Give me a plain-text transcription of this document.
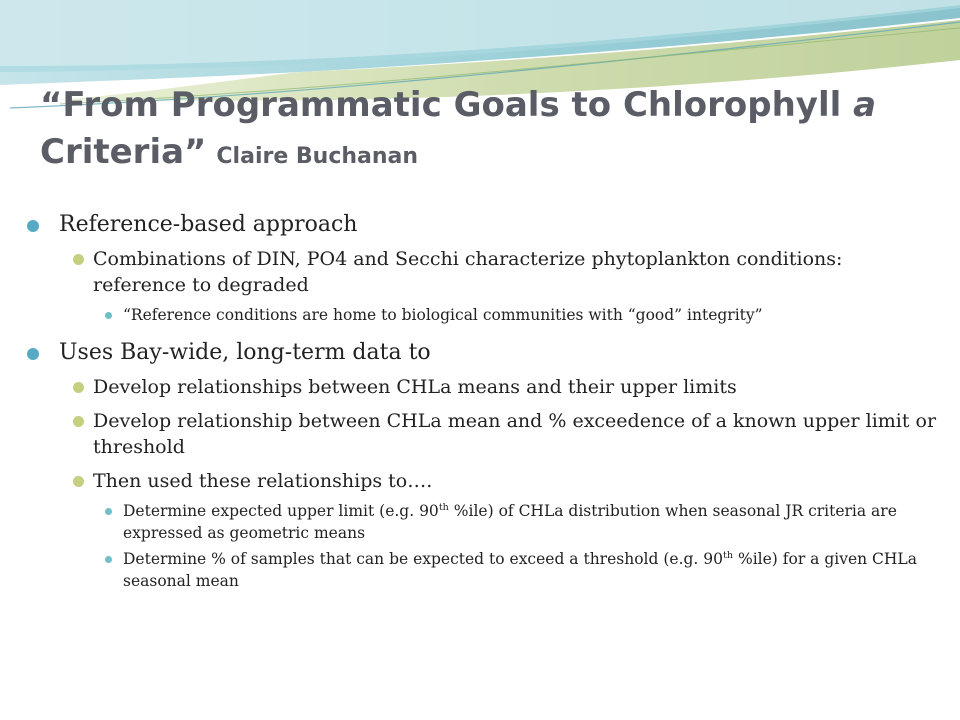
“From Programmatic Goals to Chlorophyll a Criteria” Claire Buchanan
Reference-based approach
Combinations of DIN, PO4 and Secchi characterize phytoplankton conditions: reference to degraded
“Reference conditions are home to biological communities with “good” integrity”
Uses Bay-wide, long-term data to
Develop relationships between CHLa means and their upper limits
Develop relationship between CHLa mean and % exceedence of a known upper limit or threshold
Then used these relationships to….
Determine expected upper limit (e.g. 90th %ile) of CHLa distribution when seasonal JR criteria are expressed as geometric means
Determine % of samples that can be expected to exceed a threshold (e.g. 90th %ile) for a given CHLa seasonal mean
